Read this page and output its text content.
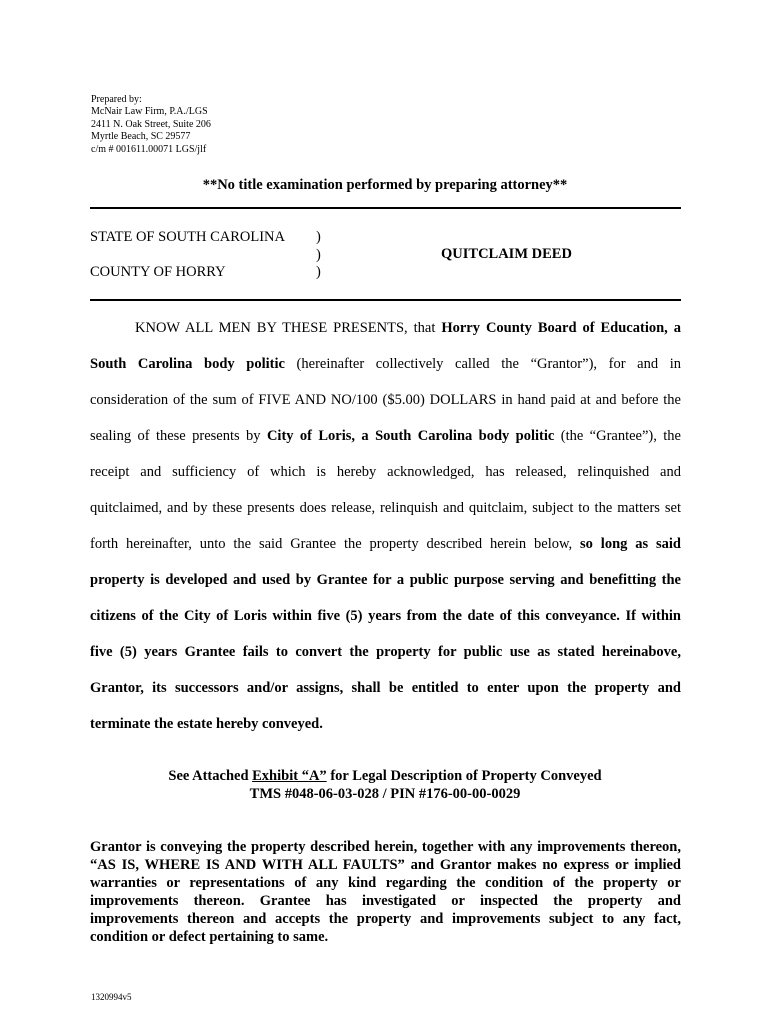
Prepared by:
McNair Law Firm, P.A./LGS
2411 N. Oak Street, Suite 206
Myrtle Beach, SC 29577
c/m # 001611.00071 LGS/jlf
**No title examination performed by preparing attorney**
STATE OF SOUTH CAROLINA
COUNTY OF HORRY
)
)
)
QUITCLAIM DEED
KNOW ALL MEN BY THESE PRESENTS, that Horry County Board of Education, a
South Carolina body politic (hereinafter collectively called the “Grantor”), for and in
consideration of the sum of FIVE AND NO/100 ($5.00) DOLLARS in hand paid at and before the
sealing of these presents by City of Loris, a South Carolina body politic (the “Grantee”), the
receipt and sufficiency of which is hereby acknowledged, has released, relinquished and
quitclaimed, and by these presents does release, relinquish and quitclaim, subject to the matters set
forth hereinafter, unto the said Grantee the property described herein below, so long as said
property is developed and used by Grantee for a public purpose serving and benefitting the
citizens of the City of Loris within five (5) years from the date of this conveyance. If within
five (5) years Grantee fails to convert the property for public use as stated hereinabove,
Grantor, its successors and/or assigns, shall be entitled to enter upon the property and
terminate the estate hereby conveyed.
See Attached Exhibit “A” for Legal Description of Property Conveyed
TMS #048-06-03-028 / PIN #176-00-00-0029
Grantor is conveying the property described herein, together with any improvements thereon,
“AS IS, WHERE IS AND WITH ALL FAULTS” and Grantor makes no express or implied
warranties or representations of any kind regarding the condition of the property or
improvements thereon. Grantee has investigated or inspected the property and
improvements thereon and accepts the property and improvements subject to any fact,
condition or defect pertaining to same.
1320994v5
